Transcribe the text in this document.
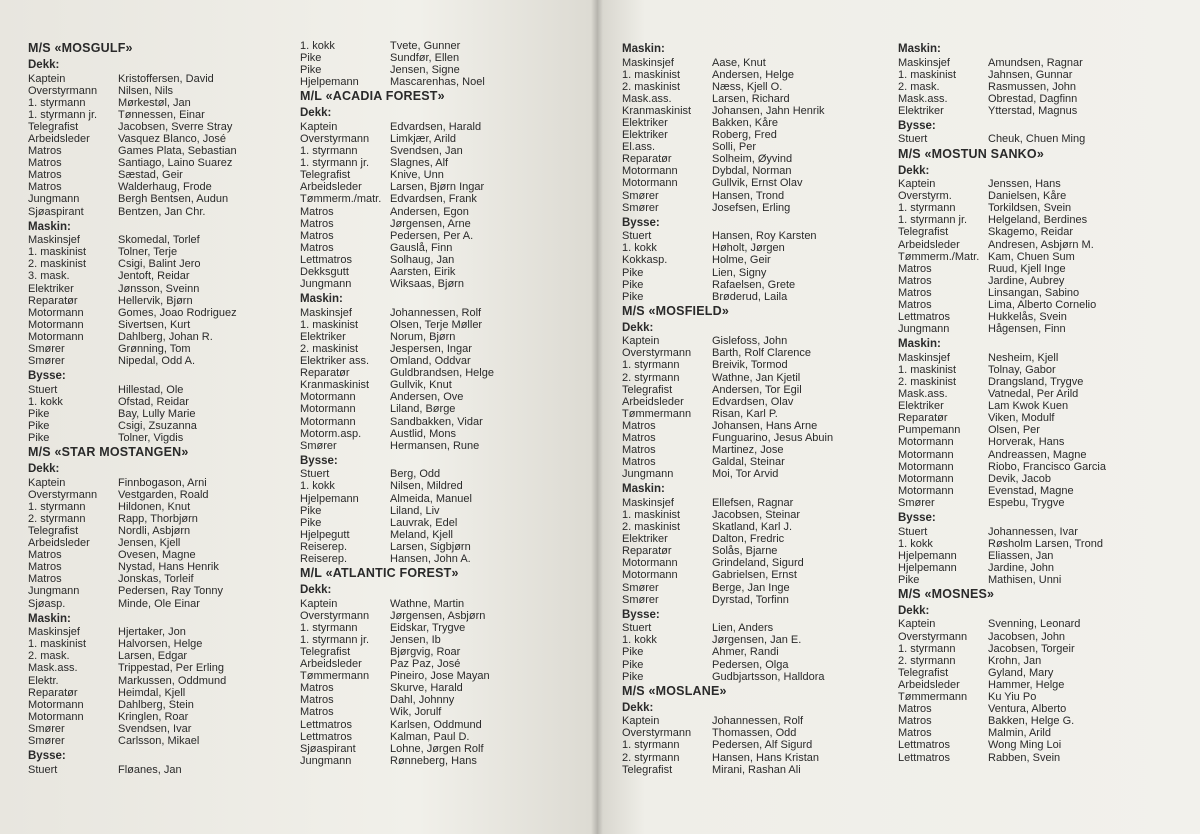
M/S «MOSGULF»
Dekk:
Kaptein	Kristoffersen, David
Overstyrmann	Nilsen, Nils
1. styrmann	Mørkestøl, Jan
1. styrmann jr.	Tønnessen, Einar
Telegrafist	Jacobsen, Sverre Stray
Arbeidsleder	Vasquez Blanco, José
Matros	Games Plata, Sebastian
Matros	Santiago, Laino Suarez
Matros	Sæstad, Geir
Matros	Walderhaug, Frode
Jungmann	Bergh Bentsen, Audun
Sjøaspirant	Bentzen, Jan Chr.
Maskin:
Maskinsjef	Skomedal, Torlef
1. maskinist	Tolner, Terje
2. maskinist	Csigi, Balint Jero
3. mask.	Jentoft, Reidar
Elektriker	Jønsson, Sveinn
Reparatør	Hellervik, Bjørn
Motormann	Gomes, Joao Rodriguez
Motormann	Sivertsen, Kurt
Motormann	Dahlberg, Johan R.
Smører	Grønning, Tom
Smører	Nipedal, Odd A.
Bysse:
Stuert	Hillestad, Ole
1. kokk	Ofstad, Reidar
Pike	Bay, Lully Marie
Pike	Csigi, Zsuzanna
Pike	Tolner, Vigdis
M/S «STAR MOSTANGEN»
Dekk:
Kaptein	Finnbogason, Arni
Overstyrmann	Vestgarden, Roald
1. styrmann	Hildonen, Knut
2. styrmann	Rapp, Thorbjørn
Telegrafist	Nordli, Asbjørn
Arbeidsleder	Jensen, Kjell
Matros	Ovesen, Magne
Matros	Nystad, Hans Henrik
Matros	Jonskas, Torleif
Jungmann	Pedersen, Ray Tonny
Sjøasp.	Minde, Ole Einar
Maskin:
Maskinsjef	Hjertaker, Jon
1. maskinist	Halvorsen, Helge
2. mask.	Larsen, Edgar
Mask.ass.	Trippestad, Per Erling
Elektr.	Markussen, Oddmund
Reparatør	Heimdal, Kjell
Motormann	Dahlberg, Stein
Motormann	Kringlen, Roar
Smører	Svendsen, Ivar
Smører	Carlsson, Mikael
Bysse:
Stuert	Fløanes, Jan
1. kokk	Tvete, Gunner
Pike	Sundfør, Ellen
Pike	Jensen, Signe
Hjelpemann	Mascarenhas, Noel
M/L «ACADIA FOREST»
Dekk:
Kaptein	Edvardsen, Harald
Overstyrmann	Limkjær, Arild
1. styrmann	Svendsen, Jan
1. styrmann jr.	Slagnes, Alf
Telegrafist	Knive, Unn
Arbeidsleder	Larsen, Bjørn Ingar
Tømmerm./matr. Edvardsen, Frank
Matros	Andersen, Egon
Matros	Jørgensen, Arne
Matros	Pedersen, Per A.
Matros	Gauslå, Finn
Lettmatros	Solhaug, Jan
Dekksgutt	Aarsten, Eirik
Jungmann	Wiksaas, Bjørn
Maskin:
Maskinsjef	Johannessen, Rolf
1. maskinist	Olsen, Terje Møller
Elektriker	Norum, Bjørn
2. maskinist	Jespersen, Ingar
Elektriker ass.	Omland, Oddvar
Reparatør	Guldbrandsen, Helge
Kranmaskinist	Gullvik, Knut
Motormann	Andersen, Ove
Motormann	Liland, Børge
Motormann	Sandbakken, Vidar
Motorm.asp.	Austlid, Mons
Smører	Hermansen, Rune
Bysse:
Stuert	Berg, Odd
1. kokk	Nilsen, Mildred
Hjelpemann	Almeida, Manuel
Pike	Liland, Liv
Pike	Lauvrak, Edel
Hjelpegutt	Meland, Kjell
Reiserep.	Larsen, Sigbjørn
Reiserep.	Hansen, John A.
M/L «ATLANTIC FOREST»
Dekk:
Kaptein	Wathne, Martin
Overstyrmann	Jørgensen, Asbjørn
1. styrmann	Eidskar, Trygve
1. styrmann jr.	Jensen, Ib
Telegrafist	Bjørgvig, Roar
Arbeidsleder	Paz Paz, José
Tømmermann	Pineiro, Jose Mayan
Matros	Skurve, Harald
Matros	Dahl, Johnny
Matros	Wik, Jorulf
Lettmatros	Karlsen, Oddmund
Lettmatros	Kalman, Paul D.
Sjøaspirant	Lohne, Jørgen Rolf
Jungmann	Rønneberg, Hans
Maskin:
Maskinsjef	Aase, Knut
1. maskinist	Andersen, Helge
2. maskinist	Næss, Kjell O.
Mask.ass.	Larsen, Richard
Kranmaskinist	Johansen, Jahn Henrik
Elektriker	Bakken, Kåre
Elektriker	Roberg, Fred
El.ass.	Solli, Per
Reparatør	Solheim, Øyvind
Motormann	Dybdal, Norman
Motormann	Gullvik, Ernst Olav
Smører	Hansen, Trond
Smører	Josefsen, Erling
Bysse:
Stuert	Hansen, Roy Karsten
1. kokk	Høholt, Jørgen
Kokkasp.	Holme, Geir
Pike	Lien, Signy
Pike	Rafaelsen, Grete
Pike	Brøderud, Laila
M/S «MOSFIELD»
Dekk:
Kaptein	Gislefoss, John
Overstyrmann	Barth, Rolf Clarence
1. styrmann	Breivik, Tormod
2. styrmann	Wathne, Jan Kjetil
Telegrafist	Andersen, Tor Egil
Arbeidsleder	Edvardsen, Olav
Tømmermann	Risan, Karl P.
Matros	Johansen, Hans Arne
Matros	Funguarino, Jesus Abuin
Matros	Martinez, Jose
Matros	Galdal, Steinar
Jungmann	Moi, Tor Arvid
Maskin:
Maskinsjef	Ellefsen, Ragnar
1. maskinist	Jacobsen, Steinar
2. maskinist	Skatland, Karl J.
Elektriker	Dalton, Fredric
Reparatør	Solås, Bjarne
Motormann	Grindeland, Sigurd
Motormann	Gabrielsen, Ernst
Smører	Berge, Jan Inge
Smører	Dyrstad, Torfinn
Bysse:
Stuert	Lien, Anders
1. kokk	Jørgensen, Jan E.
Pike	Ahmer, Randi
Pike	Pedersen, Olga
Pike	Gudbjartsson, Halldora
M/S «MOSLANE»
Dekk:
Kaptein	Johannessen, Rolf
Overstyrmann	Thomassen, Odd
1. styrmann	Pedersen, Alf Sigurd
2. styrmann	Hansen, Hans Kristan
Telegrafist	Mirani, Rashan Ali
Maskin:
Maskinsjef	Amundsen, Ragnar
1. maskinist	Jahnsen, Gunnar
2. mask.	Rasmussen, John
Mask.ass.	Obrestad, Dagfinn
Elektriker	Ytterstad, Magnus
Bysse:
Stuert	Cheuk, Chuen Ming
M/S «MOSTUN SANKO»
Dekk:
Kaptein	Jenssen, Hans
Overstyrm.	Danielsen, Kåre
1. styrmann	Torkildsen, Svein
1. styrmann jr.	Helgeland, Berdines
Telegrafist	Skagemo, Reidar
Arbeidsleder	Andresen, Asbjørn M.
Tømmerm./Matr. Kam, Chuen Sum
Matros	Ruud, Kjell Inge
Matros	Jardine, Aubrey
Matros	Linsangan, Sabino
Matros	Lima, Alberto Cornelio
Lettmatros	Hukkelås, Svein
Jungmann	Hågensen, Finn
Maskin:
Maskinsjef	Nesheim, Kjell
1. maskinist	Tolnay, Gabor
2. maskinist	Drangsland, Trygve
Mask.ass.	Vatnedal, Per Arild
Elektriker	Lam Kwok Kuen
Reparatør	Viken, Modulf
Pumpemann	Olsen, Per
Motormann	Horverak, Hans
Motormann	Andreassen, Magne
Motormann	Riobo, Francisco Garcia
Motormann	Devik, Jacob
Motormann	Evenstad, Magne
Smører	Espebu, Trygve
Bysse:
Stuert	Johannessen, Ivar
1. kokk	Røsholm Larsen, Trond
Hjelpemann	Eliassen, Jan
Hjelpemann	Jardine, John
Pike	Mathisen, Unni
M/S «MOSNES»
Dekk:
Kaptein	Svenning, Leonard
Overstyrmann	Jacobsen, John
1. styrmann	Jacobsen, Torgeir
2. styrmann	Krohn, Jan
Telegrafist	Gyland, Mary
Arbeidsleder	Hammer, Helge
Tømmermann	Ku Yiu Po
Matros	Ventura, Alberto
Matros	Bakken, Helge G.
Matros	Malmin, Arild
Lettmatros	Wong Ming Loi
Lettmatros	Rabben, Svein
